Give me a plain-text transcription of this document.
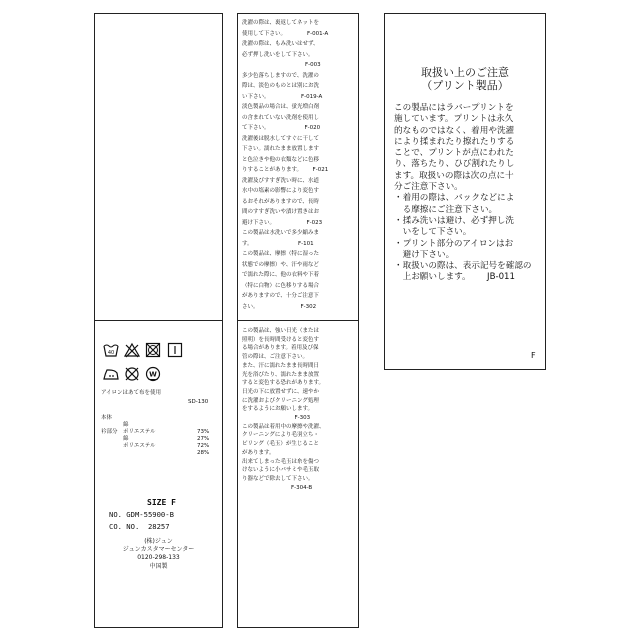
40
W
アイロンはあて布を使用
SD-130

本体

綿

73%

ポリエステル

27%

衿部分

綿

72%

ポリエステル

28%

SIZE F
NO. GDM-55900-B
CO. NO.  28257
(株)ジュン
ジュンカスタマーセンター
0120-298-133
中国製
洗濯の際は、裏返してネットを
使用して下さい。            F-001-A
洗濯の際は、もみ洗いはせず、
必ず押し洗いをして下さい。
F-003
多少色落ちしますので、洗濯の
際は、淡色のものとは別にお洗
い下さい。                  F-019-A
淡色製品の場合は、蛍光増白剤
の含まれていない洗剤を使用し
て下さい。                    F-020
洗濯後は脱水してすぐに干して
下さい。濡れたまま放置します
と色泣きや他の衣類などに色移
りすることがあります。      F-021
洗濯及びすすぎ洗い時に、水道
水中の塩素の影響により変色す
るおそれがありますので、長時
間のすすぎ洗いや漬け置きはお
避け下さい。                  F-023
この製品は水洗いで多少縮みま
す。                          F-101
この製品は、摩擦（特に湿った
状態での摩擦）や、汗や雨など
で濡れた際に、他の衣料や下着
（特に白物）に色移りする場合
がありますので、十分ご注意下
さい。                        F-302
この製品は、強い日光（または
照明）を長時間受けると変色す
る場合があります。着用及び保
管の際は、ご注意下さい。
また、汗に濡れたまま長時間日
光を浴びたり、濡れたまま放置
すると変色する恐れがあります。
日光の下に放置せずに、速やか
に洗濯およびクリーニング処理
をするようにお願いします。
F-303
この製品は着用中の摩擦や洗濯、
クリーニングにより毛羽立ち・
ピリング（毛玉）が生じること
があります。
出来てしまった毛玉は糸を傷つ
けないように小バサミや毛玉取
り器などで除去して下さい。
F-304-B
取扱い上のご注意
（プリント製品）
この製品にはラバープリントを
施しています。プリントは永久
的なものではなく、着用や洗濯
により揉まれたり擦れたりする
ことで、プリントが点にわれた
り、落ちたり、ひび割れたりし
ます。取扱いの際は次の点に十
分ご注意下さい。
・着用の際は、バックなどによ
　る摩擦にご注意下さい。
・揉み洗いは避け、必ず押し洗
　いをして下さい。
・プリント部分のアイロンはお
　避け下さい。
・取扱いの際は、表示記号を確認の
　上お願いします。      JB-011
F
